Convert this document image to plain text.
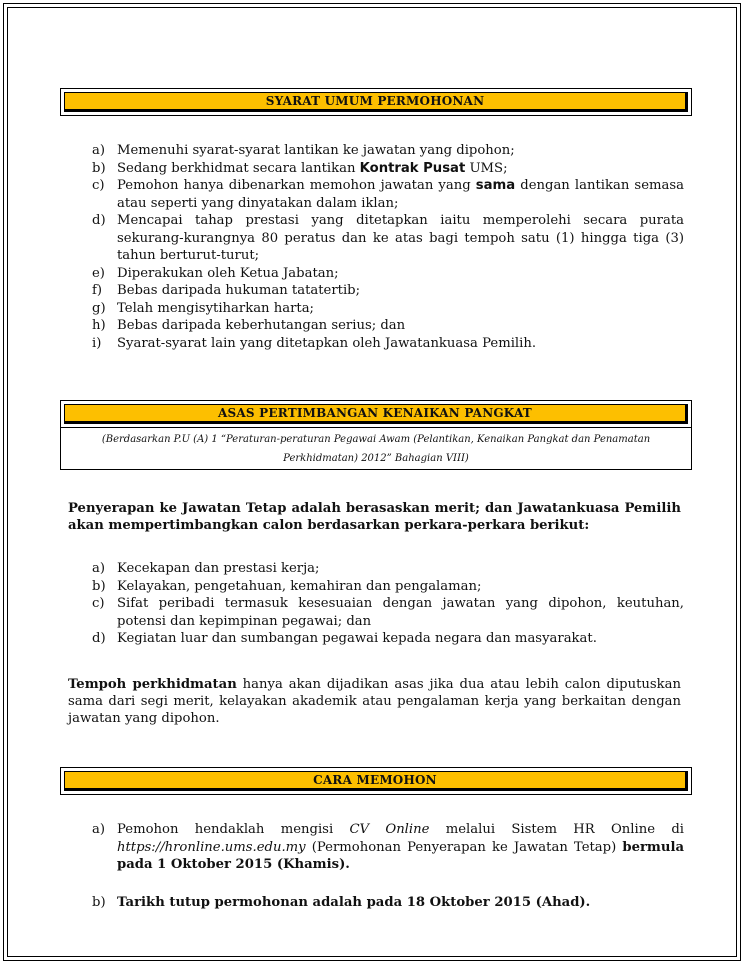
SYARAT UMUM PERMOHONAN
a) Memenuhi syarat-syarat lantikan ke jawatan yang dipohon;
b) Sedang berkhidmat secara lantikan Kontrak Pusat UMS;
c) Pemohon hanya dibenarkan memohon jawatan yang sama dengan lantikan semasa atau seperti yang dinyatakan dalam iklan;
d) Mencapai tahap prestasi yang ditetapkan iaitu memperolehi secara purata sekurang-kurangnya 80 peratus dan ke atas bagi tempoh satu (1) hingga tiga (3) tahun berturut-turut;
e) Diperakukan oleh Ketua Jabatan;
f) Bebas daripada hukuman tatatertib;
g) Telah mengisytiharkan harta;
h) Bebas daripada keberhutangan serius; dan
i) Syarat-syarat lain yang ditetapkan oleh Jawatankuasa Pemilih.
ASAS PERTIMBANGAN KENAIKAN PANGKAT
(Berdasarkan P.U (A) 1 “Peraturan-peraturan Pegawai Awam (Pelantikan, Kenaikan Pangkat dan Penamatan Perkhidmatan) 2012” Bahagian VIII)

Penyerapan ke Jawatan Tetap adalah berasaskan merit; dan Jawatankuasa Pemilih akan mempertimbangkan calon berdasarkan perkara-perkara berikut:

a) Kecekapan dan prestasi kerja;
b) Kelayakan, pengetahuan, kemahiran dan pengalaman;
c) Sifat peribadi termasuk kesesuaian dengan jawatan yang dipohon, keutuhan, potensi dan kepimpinan pegawai; dan
d) Kegiatan luar dan sumbangan pegawai kepada negara dan masyarakat.

Tempoh perkhidmatan hanya akan dijadikan asas jika dua atau lebih calon diputuskan sama dari segi merit, kelayakan akademik atau pengalaman kerja yang berkaitan dengan jawatan yang dipohon.

CARA MEMOHON
a) Pemohon hendaklah mengisi CV Online melalui Sistem HR Online di https://hronline.ums.edu.my (Permohonan Penyerapan ke Jawatan Tetap) bermula pada 1 Oktober 2015 (Khamis).
b) Tarikh tutup permohonan adalah pada 18 Oktober 2015 (Ahad).
